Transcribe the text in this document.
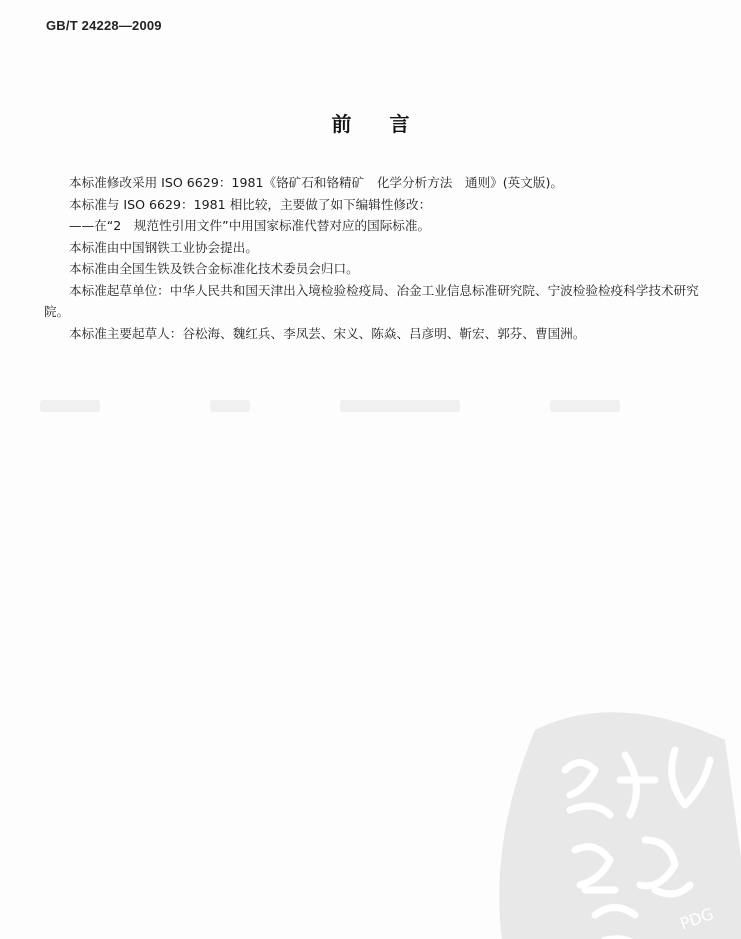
GB/T 24228—2009
前言

本标准修改采用 ISO 6629：1981《铬矿石和铬精矿　化学分析方法　通则》(英文版)。

本标准与 ISO 6629：1981 相比较，主要做了如下编辑性修改：

——在“2　规范性引用文件”中用国家标准代替对应的国际标准。

本标准由中国钢铁工业协会提出。

本标准由全国生铁及铁合金标准化技术委员会归口。

本标准起草单位：中华人民共和国天津出入境检验检疫局、冶金工业信息标准研究院、宁波检验检疫科学技术研究院。

本标准主要起草人：谷松海、魏红兵、李凤芸、宋义、陈焱、吕彦明、靳宏、郭芬、曹国洲。

PDG
